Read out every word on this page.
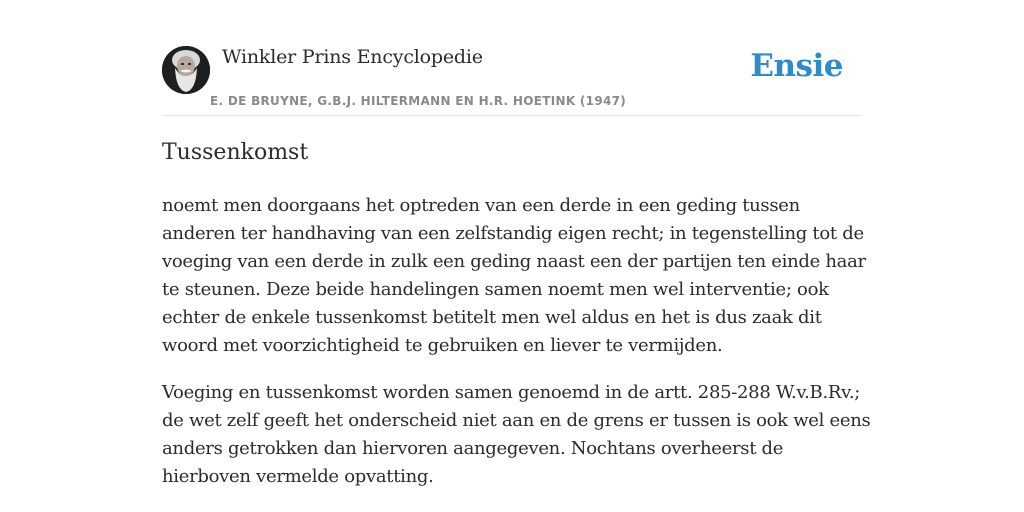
Winkler Prins Encyclopedie
E. DE BRUYNE, G.B.J. HILTERMANN EN H.R. HOETINK (1947)
Ensie
Tussenkomst

noemt men doorgaans het optreden van een derde in een geding tussen anderen ter handhaving van een zelfstandig eigen recht; in tegenstelling tot de voeging van een derde in zulk een geding naast een der partijen ten einde haar te steunen. Deze beide handelingen samen noemt men wel interventie; ook echter de enkele tussenkomst betitelt men wel aldus en het is dus zaak dit woord met voorzichtigheid te gebruiken en liever te vermijden.

Voeging en tussenkomst worden samen genoemd in de artt. 285-288 W.v.B.Rv.; de wet zelf geeft het onderscheid niet aan en de grens er tussen is ook wel eens anders getrokken dan hiervoren aangegeven. Nochtans overheerst de hierboven vermelde opvatting.
